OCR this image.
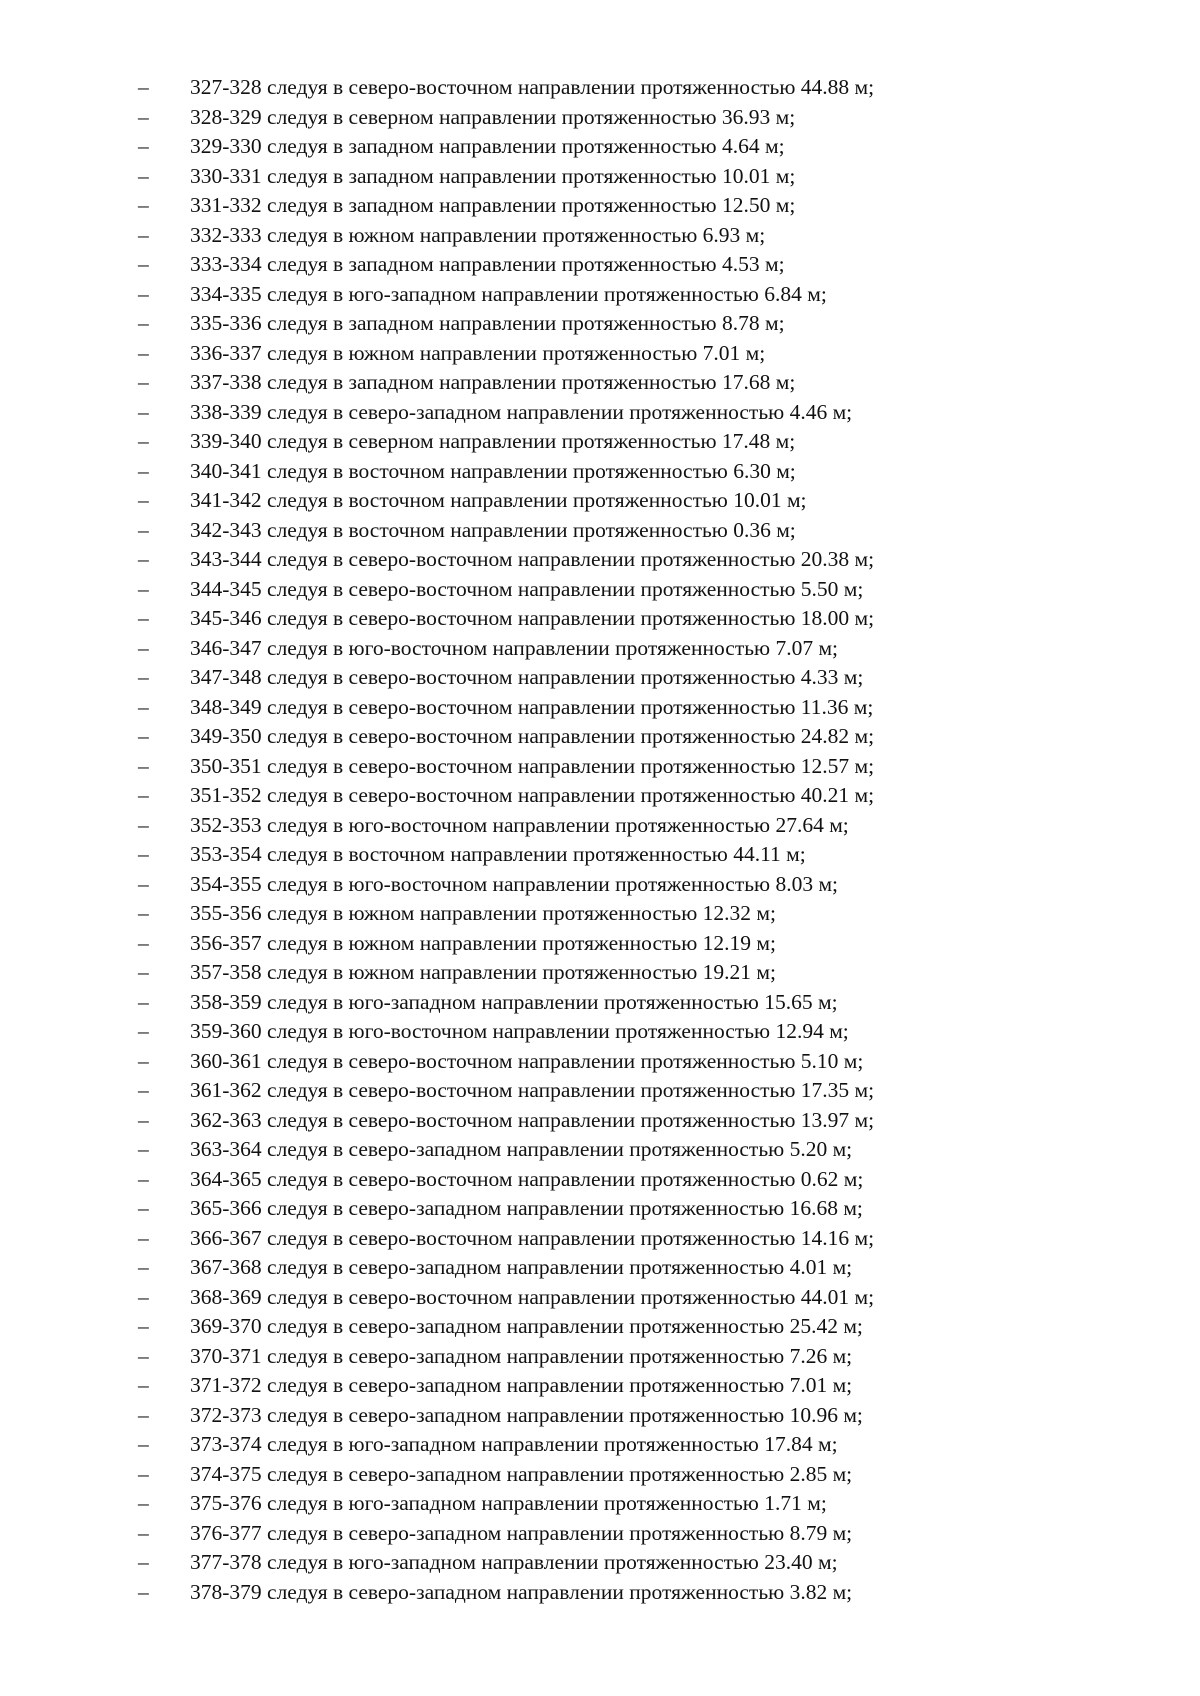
–	327-328 следуя в северо-восточном направлении протяженностью 44.88 м;
–	328-329 следуя в северном направлении протяженностью 36.93 м;
–	329-330 следуя в западном направлении протяженностью 4.64 м;
–	330-331 следуя в западном направлении протяженностью 10.01 м;
–	331-332 следуя в западном направлении протяженностью 12.50 м;
–	332-333 следуя в южном направлении протяженностью 6.93 м;
–	333-334 следуя в западном направлении протяженностью 4.53 м;
–	334-335 следуя в юго-западном направлении протяженностью 6.84 м;
–	335-336 следуя в западном направлении протяженностью 8.78 м;
–	336-337 следуя в южном направлении протяженностью 7.01 м;
–	337-338 следуя в западном направлении протяженностью 17.68 м;
–	338-339 следуя в северо-западном направлении протяженностью 4.46 м;
–	339-340 следуя в северном направлении протяженностью 17.48 м;
–	340-341 следуя в восточном направлении протяженностью 6.30 м;
–	341-342 следуя в восточном направлении протяженностью 10.01 м;
–	342-343 следуя в восточном направлении протяженностью 0.36 м;
–	343-344 следуя в северо-восточном направлении протяженностью 20.38 м;
–	344-345 следуя в северо-восточном направлении протяженностью 5.50 м;
–	345-346 следуя в северо-восточном направлении протяженностью 18.00 м;
–	346-347 следуя в юго-восточном направлении протяженностью 7.07 м;
–	347-348 следуя в северо-восточном направлении протяженностью 4.33 м;
–	348-349 следуя в северо-восточном направлении протяженностью 11.36 м;
–	349-350 следуя в северо-восточном направлении протяженностью 24.82 м;
–	350-351 следуя в северо-восточном направлении протяженностью 12.57 м;
–	351-352 следуя в северо-восточном направлении протяженностью 40.21 м;
–	352-353 следуя в юго-восточном направлении протяженностью 27.64 м;
–	353-354 следуя в восточном направлении протяженностью 44.11 м;
–	354-355 следуя в юго-восточном направлении протяженностью 8.03 м;
–	355-356 следуя в южном направлении протяженностью 12.32 м;
–	356-357 следуя в южном направлении протяженностью 12.19 м;
–	357-358 следуя в южном направлении протяженностью 19.21 м;
–	358-359 следуя в юго-западном направлении протяженностью 15.65 м;
–	359-360 следуя в юго-восточном направлении протяженностью 12.94 м;
–	360-361 следуя в северо-восточном направлении протяженностью 5.10 м;
–	361-362 следуя в северо-восточном направлении протяженностью 17.35 м;
–	362-363 следуя в северо-восточном направлении протяженностью 13.97 м;
–	363-364 следуя в северо-западном направлении протяженностью 5.20 м;
–	364-365 следуя в северо-восточном направлении протяженностью 0.62 м;
–	365-366 следуя в северо-западном направлении протяженностью 16.68 м;
–	366-367 следуя в северо-восточном направлении протяженностью 14.16 м;
–	367-368 следуя в северо-западном направлении протяженностью 4.01 м;
–	368-369 следуя в северо-восточном направлении протяженностью 44.01 м;
–	369-370 следуя в северо-западном направлении протяженностью 25.42 м;
–	370-371 следуя в северо-западном направлении протяженностью 7.26 м;
–	371-372 следуя в северо-западном направлении протяженностью 7.01 м;
–	372-373 следуя в северо-западном направлении протяженностью 10.96 м;
–	373-374 следуя в юго-западном направлении протяженностью 17.84 м;
–	374-375 следуя в северо-западном направлении протяженностью 2.85 м;
–	375-376 следуя в юго-западном направлении протяженностью 1.71 м;
–	376-377 следуя в северо-западном направлении протяженностью 8.79 м;
–	377-378 следуя в юго-западном направлении протяженностью 23.40 м;
–	378-379 следуя в северо-западном направлении протяженностью 3.82 м;
